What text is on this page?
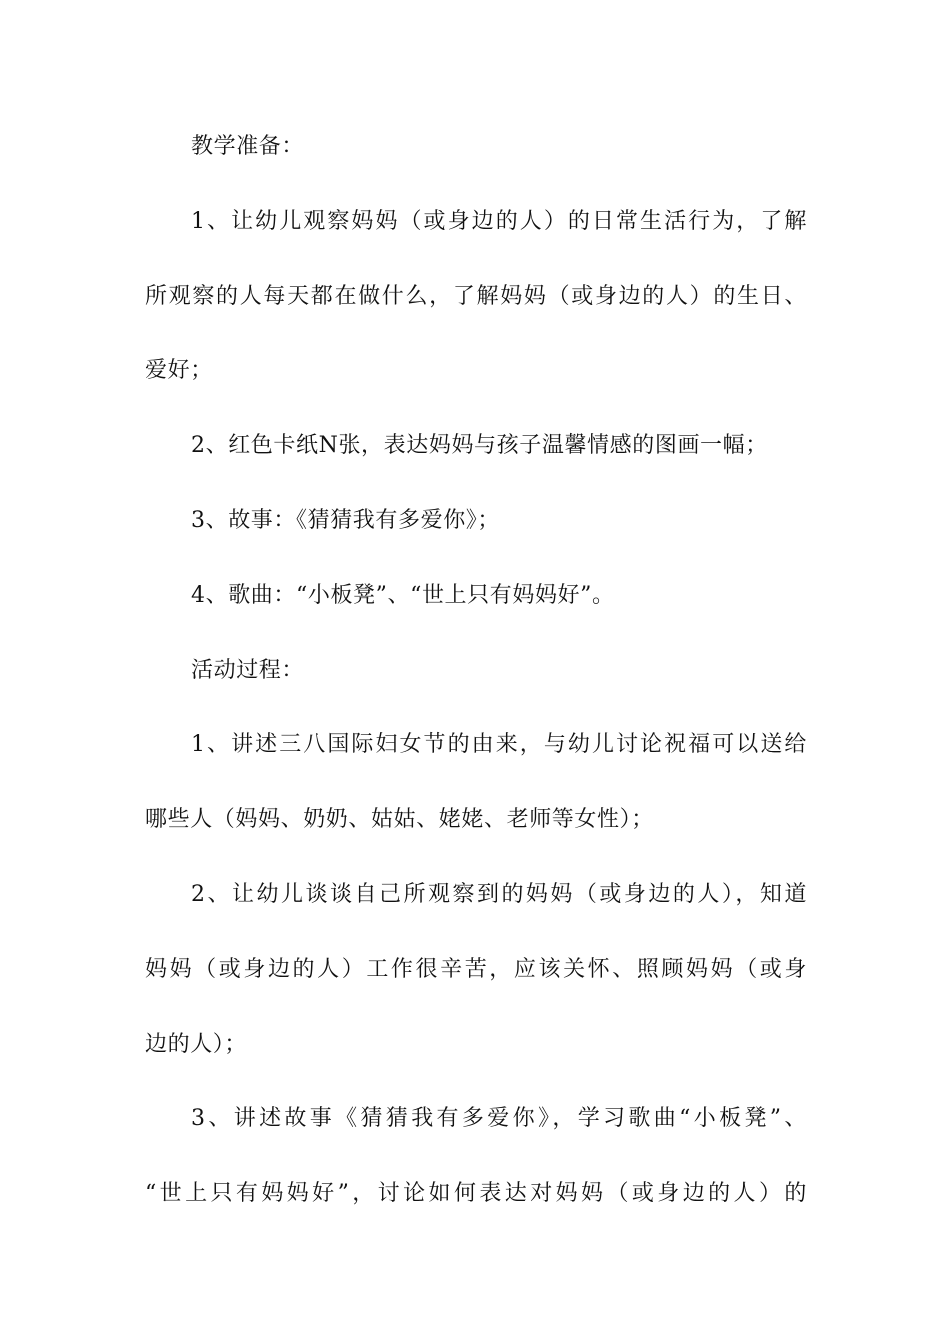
教学准备：
1、让幼儿观察妈妈（或身边的人）的日常生活行为，了解
所观察的人每天都在做什么，了解妈妈（或身边的人）的生日、
爱好；
2、红色卡纸N张，表达妈妈与孩子温馨情感的图画一幅；
3、故事：《猜猜我有多爱你》；
4、歌曲：“小板凳”、“世上只有妈妈好”。
活动过程：
1、讲述三八国际妇女节的由来，与幼儿讨论祝福可以送给
哪些人（妈妈、奶奶、姑姑、姥姥、老师等女性）；
2、让幼儿谈谈自己所观察到的妈妈（或身边的人），知道
妈妈（或身边的人）工作很辛苦，应该关怀、照顾妈妈（或身
边的人）；
3、讲述故事《猜猜我有多爱你》，学习歌曲“小板凳”、
“世上只有妈妈好”，讨论如何表达对妈妈（或身边的人）的
